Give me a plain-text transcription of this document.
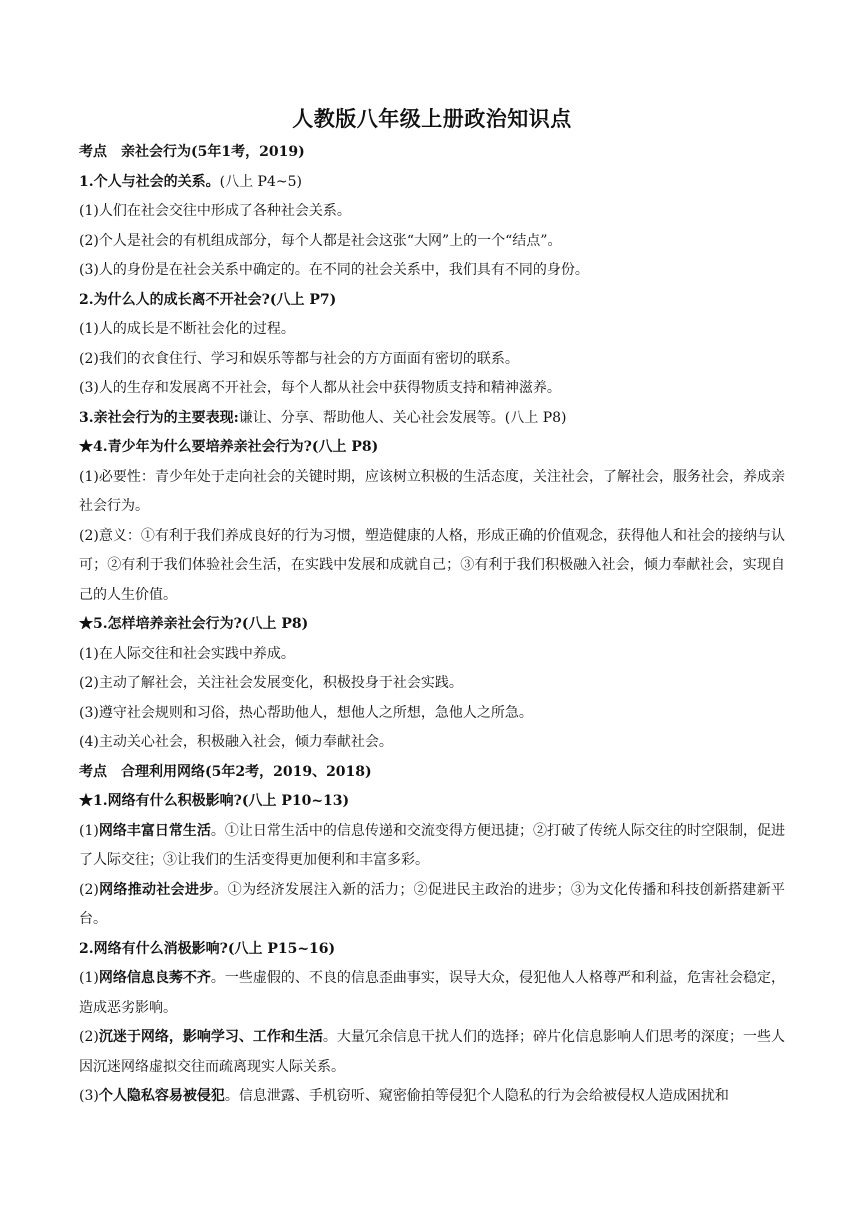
人教版八年级上册政治知识点
考点 亲社会行为(5年1考，2019)
1.个人与社会的关系。(八上 P4~5)
(1)人们在社会交往中形成了各种社会关系。
(2)个人是社会的有机组成部分，每个人都是社会这张“大网”上的一个“结点”。
(3)人的身份是在社会关系中确定的。在不同的社会关系中，我们具有不同的身份。
2.为什么人的成长离不开社会?(八上 P7)
(1)人的成长是不断社会化的过程。
(2)我们的衣食住行、学习和娱乐等都与社会的方方面面有密切的联系。
(3)人的生存和发展离不开社会，每个人都从社会中获得物质支持和精神滋养。
3.亲社会行为的主要表现:谦让、分享、帮助他人、关心社会发展等。(八上 P8)
★4.青少年为什么要培养亲社会行为?(八上 P8)
(1)必要性：青少年处于走向社会的关键时期，应该树立积极的生活态度，关注社会，了解社会，服务社会，养成亲社会行为。
(2)意义：①有利于我们养成良好的行为习惯，塑造健康的人格，形成正确的价值观念，获得他人和社会的接纳与认可；②有利于我们体验社会生活，在实践中发展和成就自己；③有利于我们积极融入社会，倾力奉献社会，实现自己的人生价值。
★5.怎样培养亲社会行为?(八上 P8)
(1)在人际交往和社会实践中养成。
(2)主动了解社会，关注社会发展变化，积极投身于社会实践。
(3)遵守社会规则和习俗，热心帮助他人，想他人之所想，急他人之所急。
(4)主动关心社会，积极融入社会，倾力奉献社会。
考点 合理利用网络(5年2考，2019、2018)
★1.网络有什么积极影响?(八上 P10~13)
(1)网络丰富日常生活。①让日常生活中的信息传递和交流变得方便迅捷；②打破了传统人际交往的时空限制，促进了人际交往；③让我们的生活变得更加便利和丰富多彩。
(2)网络推动社会进步。①为经济发展注入新的活力；②促进民主政治的进步；③为文化传播和科技创新搭建新平台。
2.网络有什么消极影响?(八上 P15~16)
(1)网络信息良莠不齐。一些虚假的、不良的信息歪曲事实，误导大众，侵犯他人人格尊严和利益，危害社会稳定，造成恶劣影响。
(2)沉迷于网络，影响学习、工作和生活。大量冗余信息干扰人们的选择；碎片化信息影响人们思考的深度；一些人因沉迷网络虚拟交往而疏离现实人际关系。
(3)个人隐私容易被侵犯。信息泄露、手机窃听、窥密偷拍等侵犯个人隐私的行为会给被侵权人造成困扰和
